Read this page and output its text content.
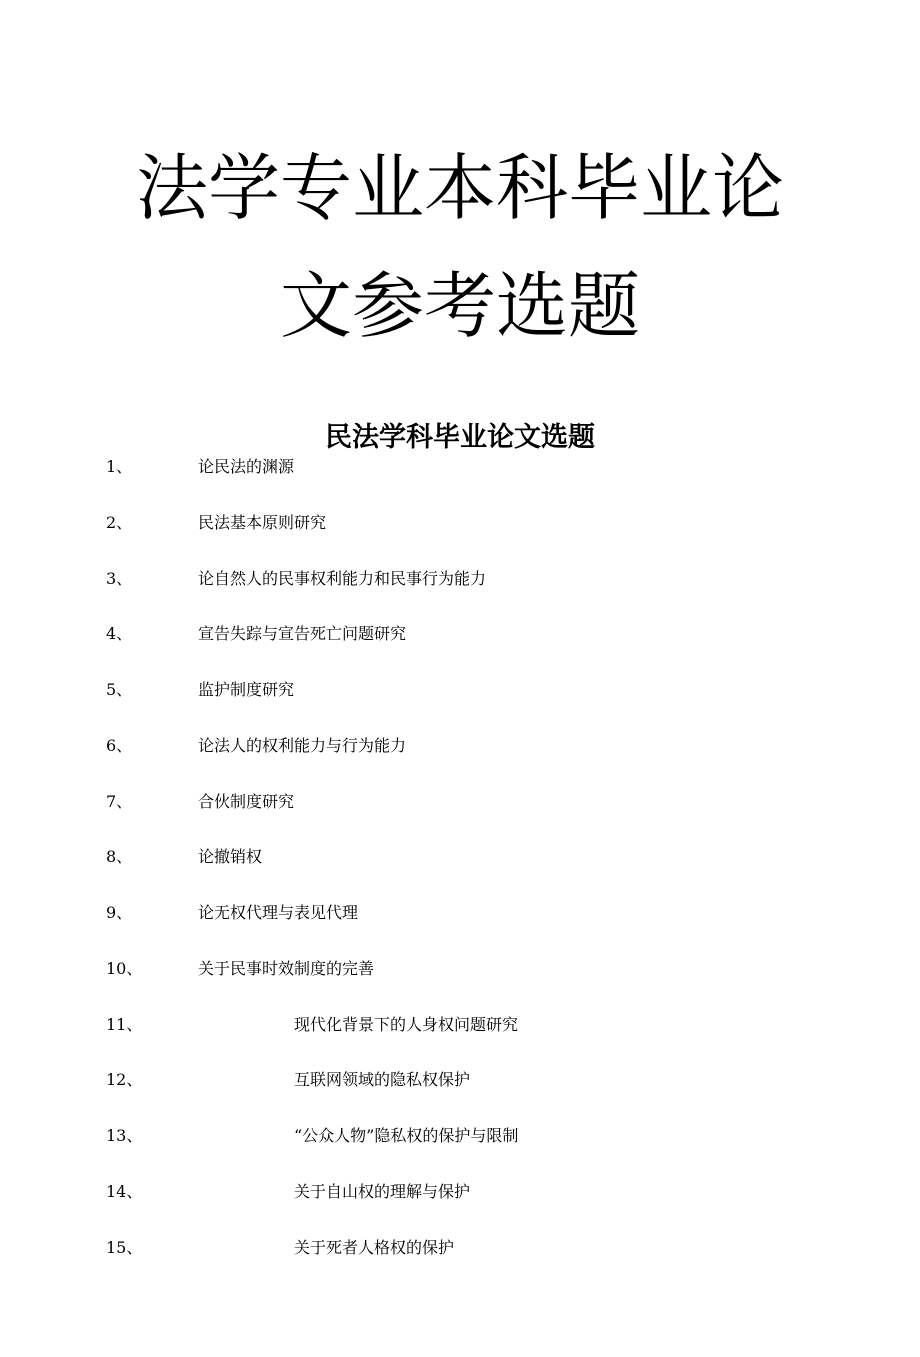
法学专业本科毕业论
文参考选题
民法学科毕业论文选题
1、	论民法的渊源
2、	民法基本原则研究
3、	论自然人的民事权利能力和民事行为能力
4、	宣告失踪与宣告死亡问题研究
5、	监护制度研究
6、	论法人的权利能力与行为能力
7、	合伙制度研究
8、	论撤销权
9、	论无权代理与表见代理
10、	关于民事时效制度的完善
11、	现代化背景下的人身权问题研究
12、	互联网领域的隐私权保护
13、	“公众人物”隐私权的保护与限制
14、	关于自山权的理解与保护
15、	关于死者人格权的保护
